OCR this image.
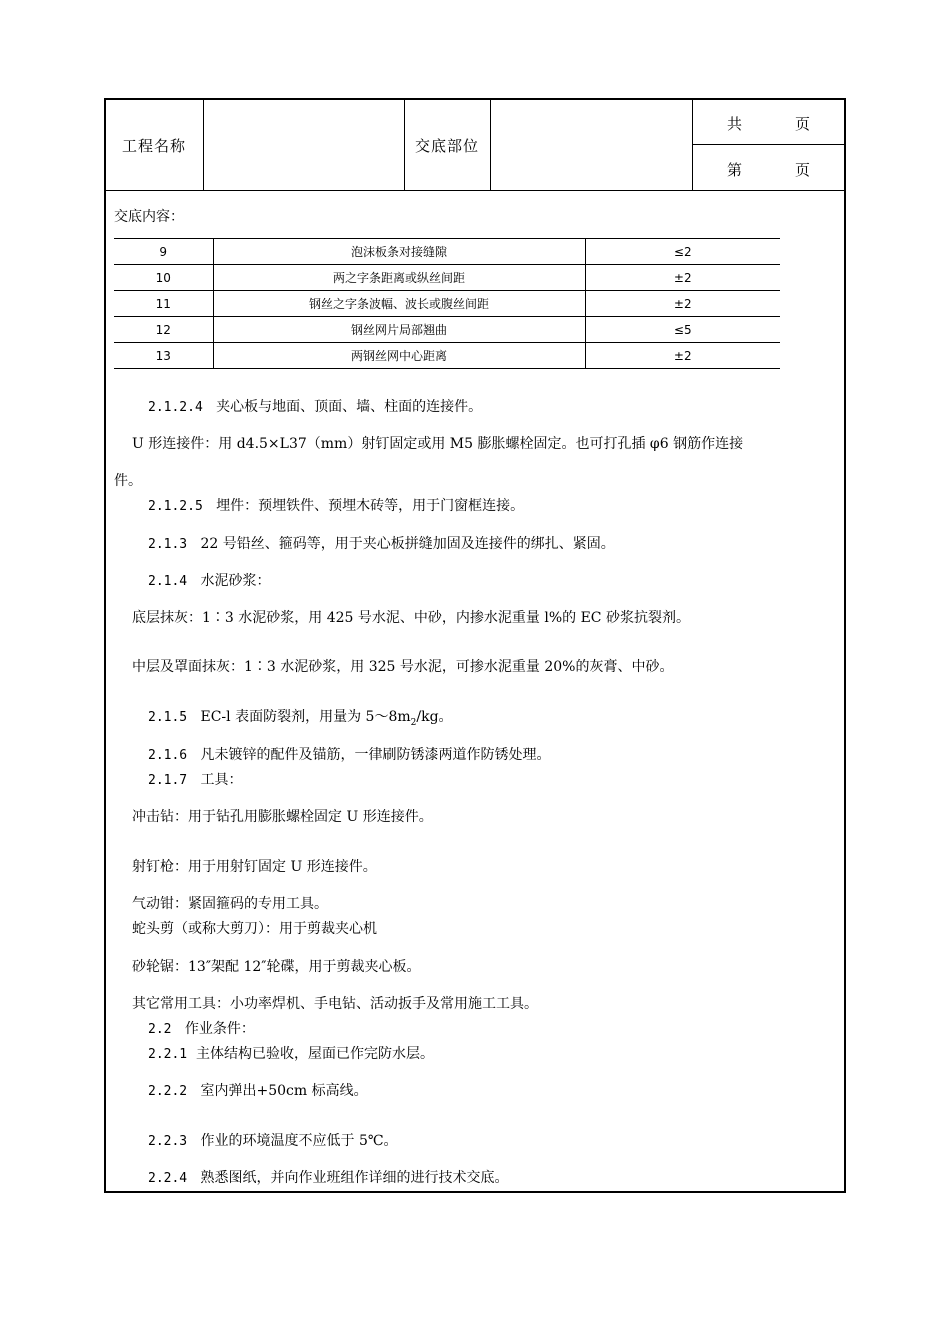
工程名称	交底部位
共	页
第	页
交底内容：
9	泡沫板条对接缝隙	≤2
10	两之字条距离或纵丝间距	±2
11	钢丝之字条波幅、波长或腹丝间距	±2
12	钢丝网片局部翘曲	≤5
13	两钢丝网中心距离	±2
2.1.2.4 夹心板与地面、顶面、墙、柱面的连接件。
U 形连接件：用 d4.5×L37（mm）射钉固定或用 M5 膨胀螺栓固定。也可打孔插 φ6 钢筋作连接
件。
2.1.2.5 埋件：预埋铁件、预埋木砖等，用于门窗框连接。
2.1.3 22 号铅丝、箍码等，用于夹心板拼缝加固及连接件的绑扎、紧固。
2.1.4 水泥砂浆：
底层抹灰：1∶3 水泥砂浆，用 425 号水泥、中砂，内掺水泥重量 l%的 EC 砂浆抗裂剂。
中层及罩面抹灰：1∶3 水泥砂浆，用 325 号水泥，可掺水泥重量 20%的灰膏、中砂。
2.1.5 EC-l 表面防裂剂，用量为 $5\sim 8m_2/kg$。
2.1.6 凡未镀锌的配件及锚筋，一律刷防锈漆两道作防锈处理。
2.1.7 工具：
冲击钻：用于钻孔用膨胀螺栓固定 U 形连接件。
射钉枪：用于用射钉固定 U 形连接件。
气动钳：紧固箍码的专用工具。
蛇头剪（或称大剪刀）：用于剪裁夹心机
砂轮锯：13″架配 12″轮碟，用于剪裁夹心板。
其它常用工具：小功率焊机、手电钻、活动扳手及常用施工工具。
2.2 作业条件：
2.2.1 主体结构已验收，屋面已作完防水层。
2.2.2 室内弹出+50cm 标高线。
2.2.3 作业的环境温度不应低于 5℃。
2.2.4 熟悉图纸，并向作业班组作详细的进行技术交底。
